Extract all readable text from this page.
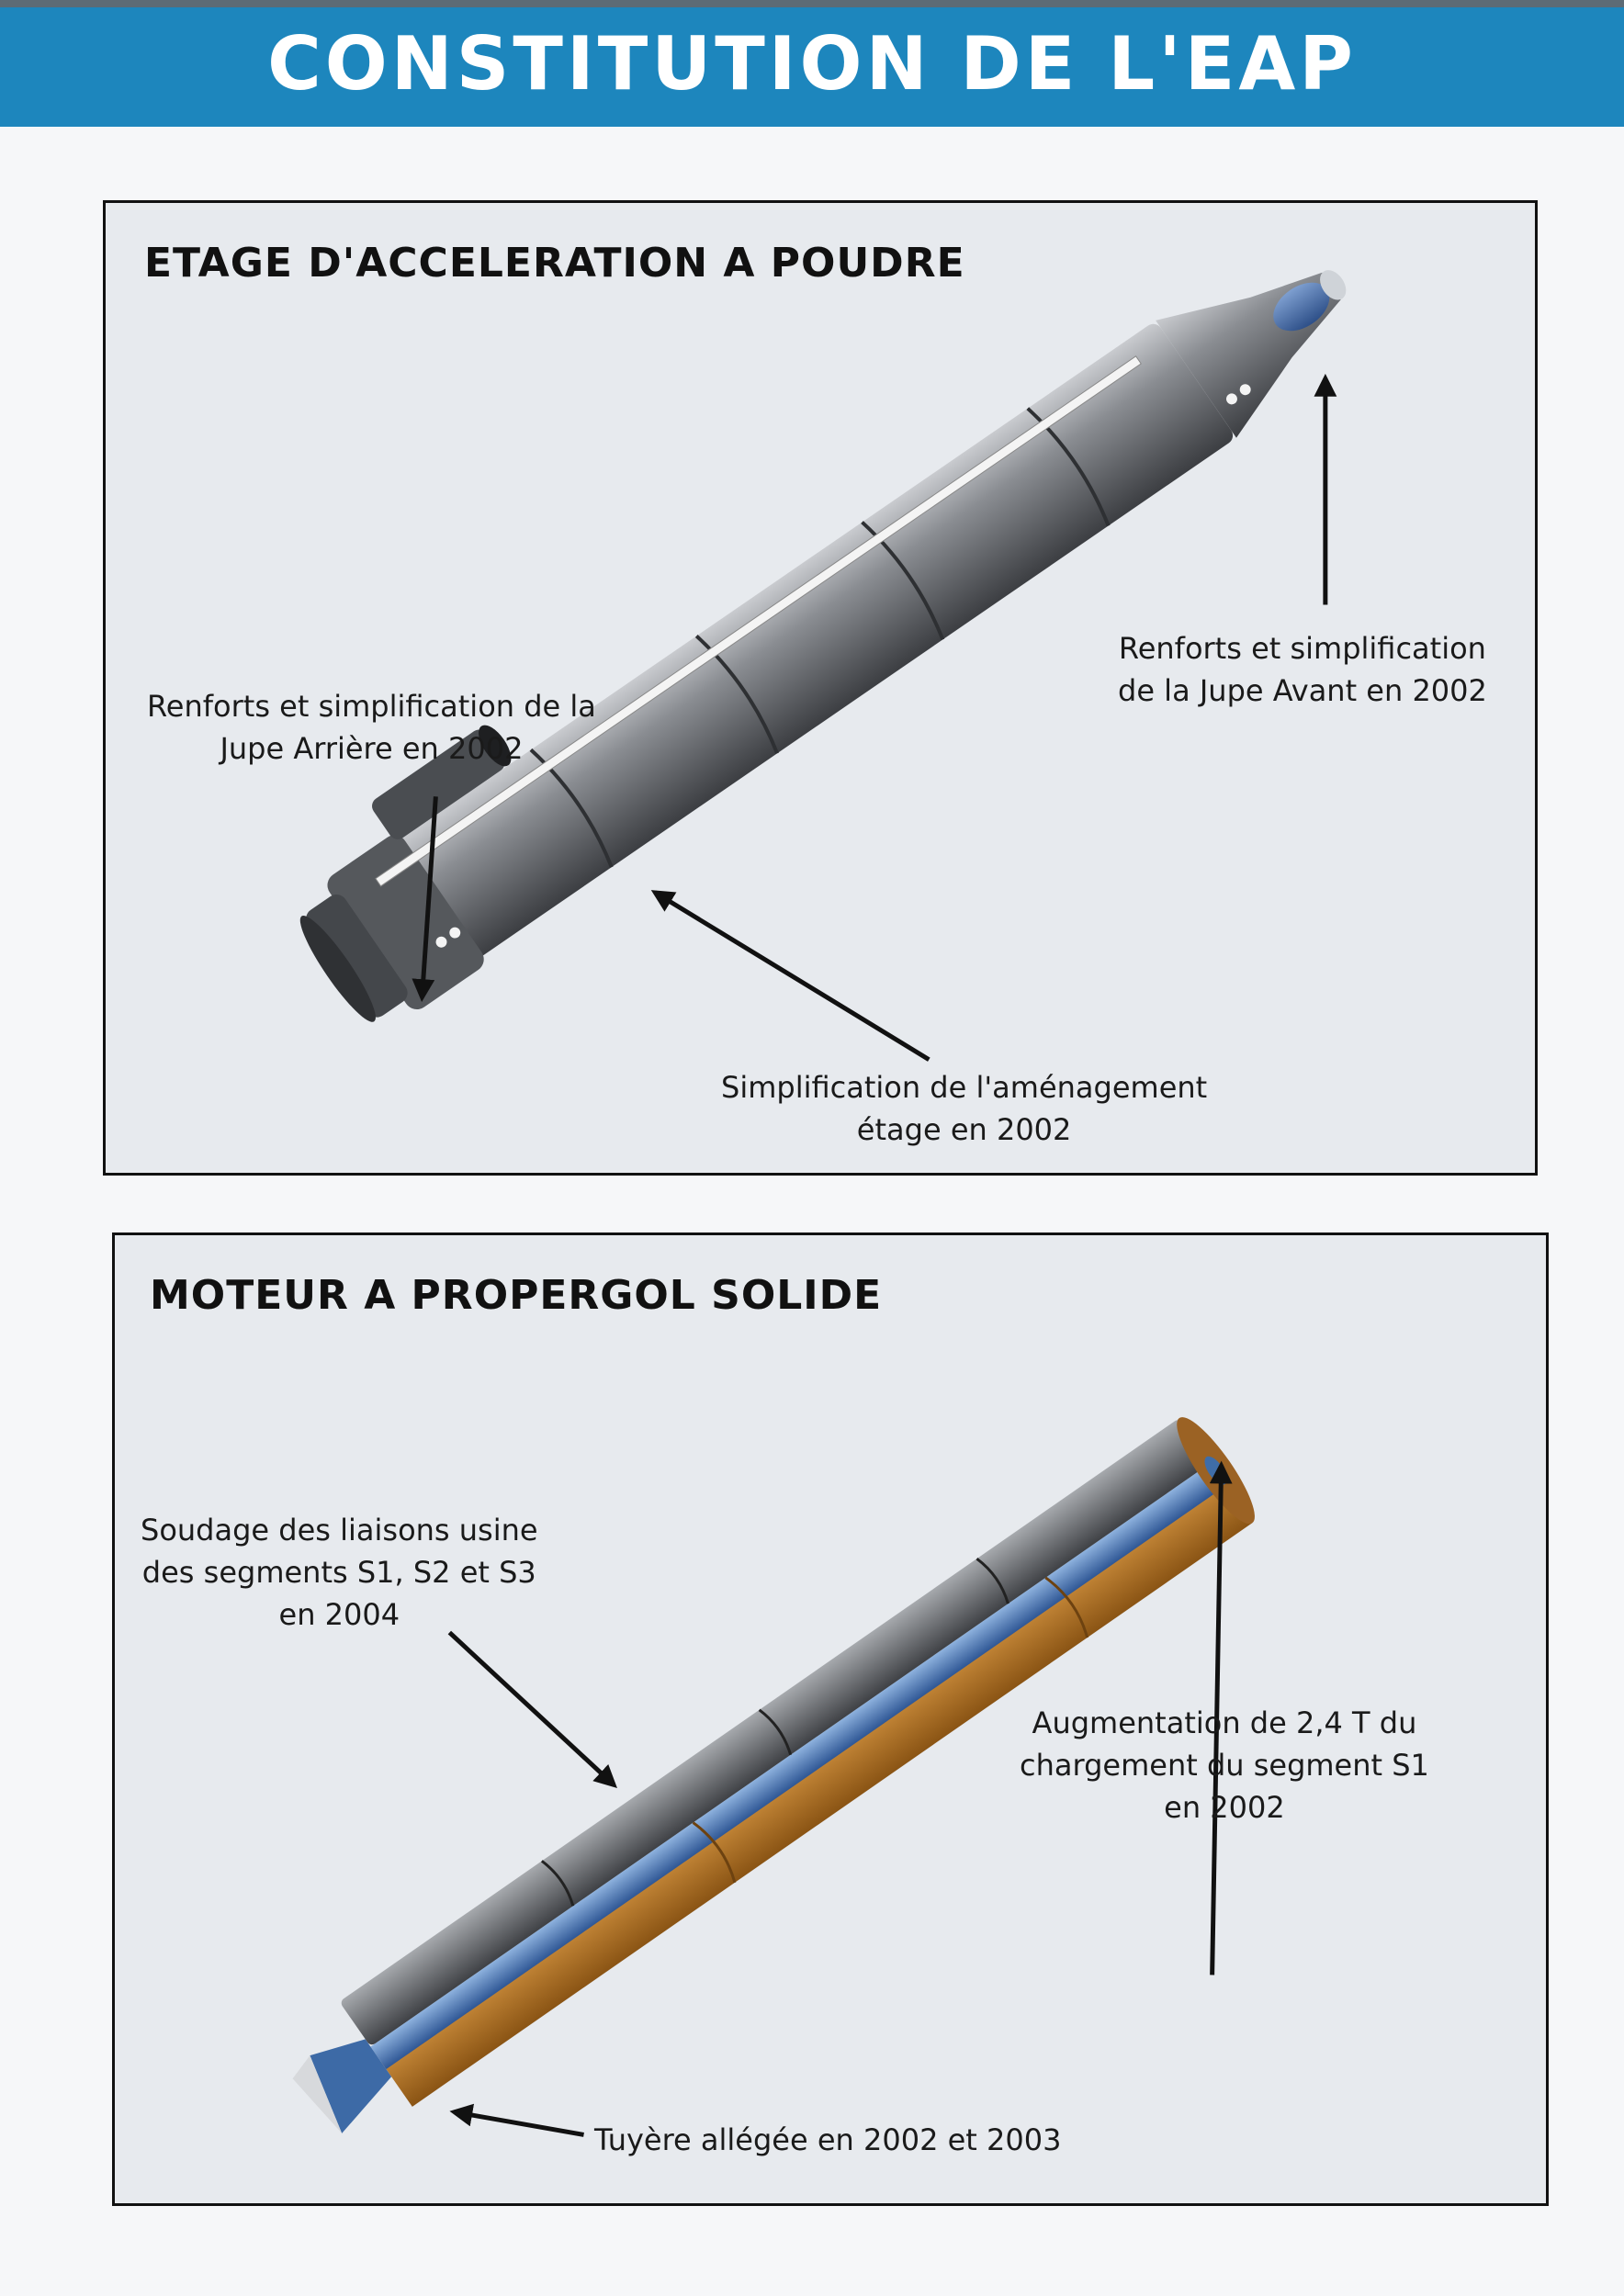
CONSTITUTION DE L'EAP
ETAGE D'ACCELERATION A POUDRE
Renforts et simplification
de la Jupe Avant en 2002
Renforts et simplification de la
Jupe Arrière en 2002
Simplification de l'aménagement
étage en 2002
MOTEUR A PROPERGOL SOLIDE
Soudage des liaisons usine
des segments S1, S2 et S3
en 2004
Augmentation de 2,4 T du
chargement du segment S1
en 2002
Tuyère allégée en 2002 et 2003
